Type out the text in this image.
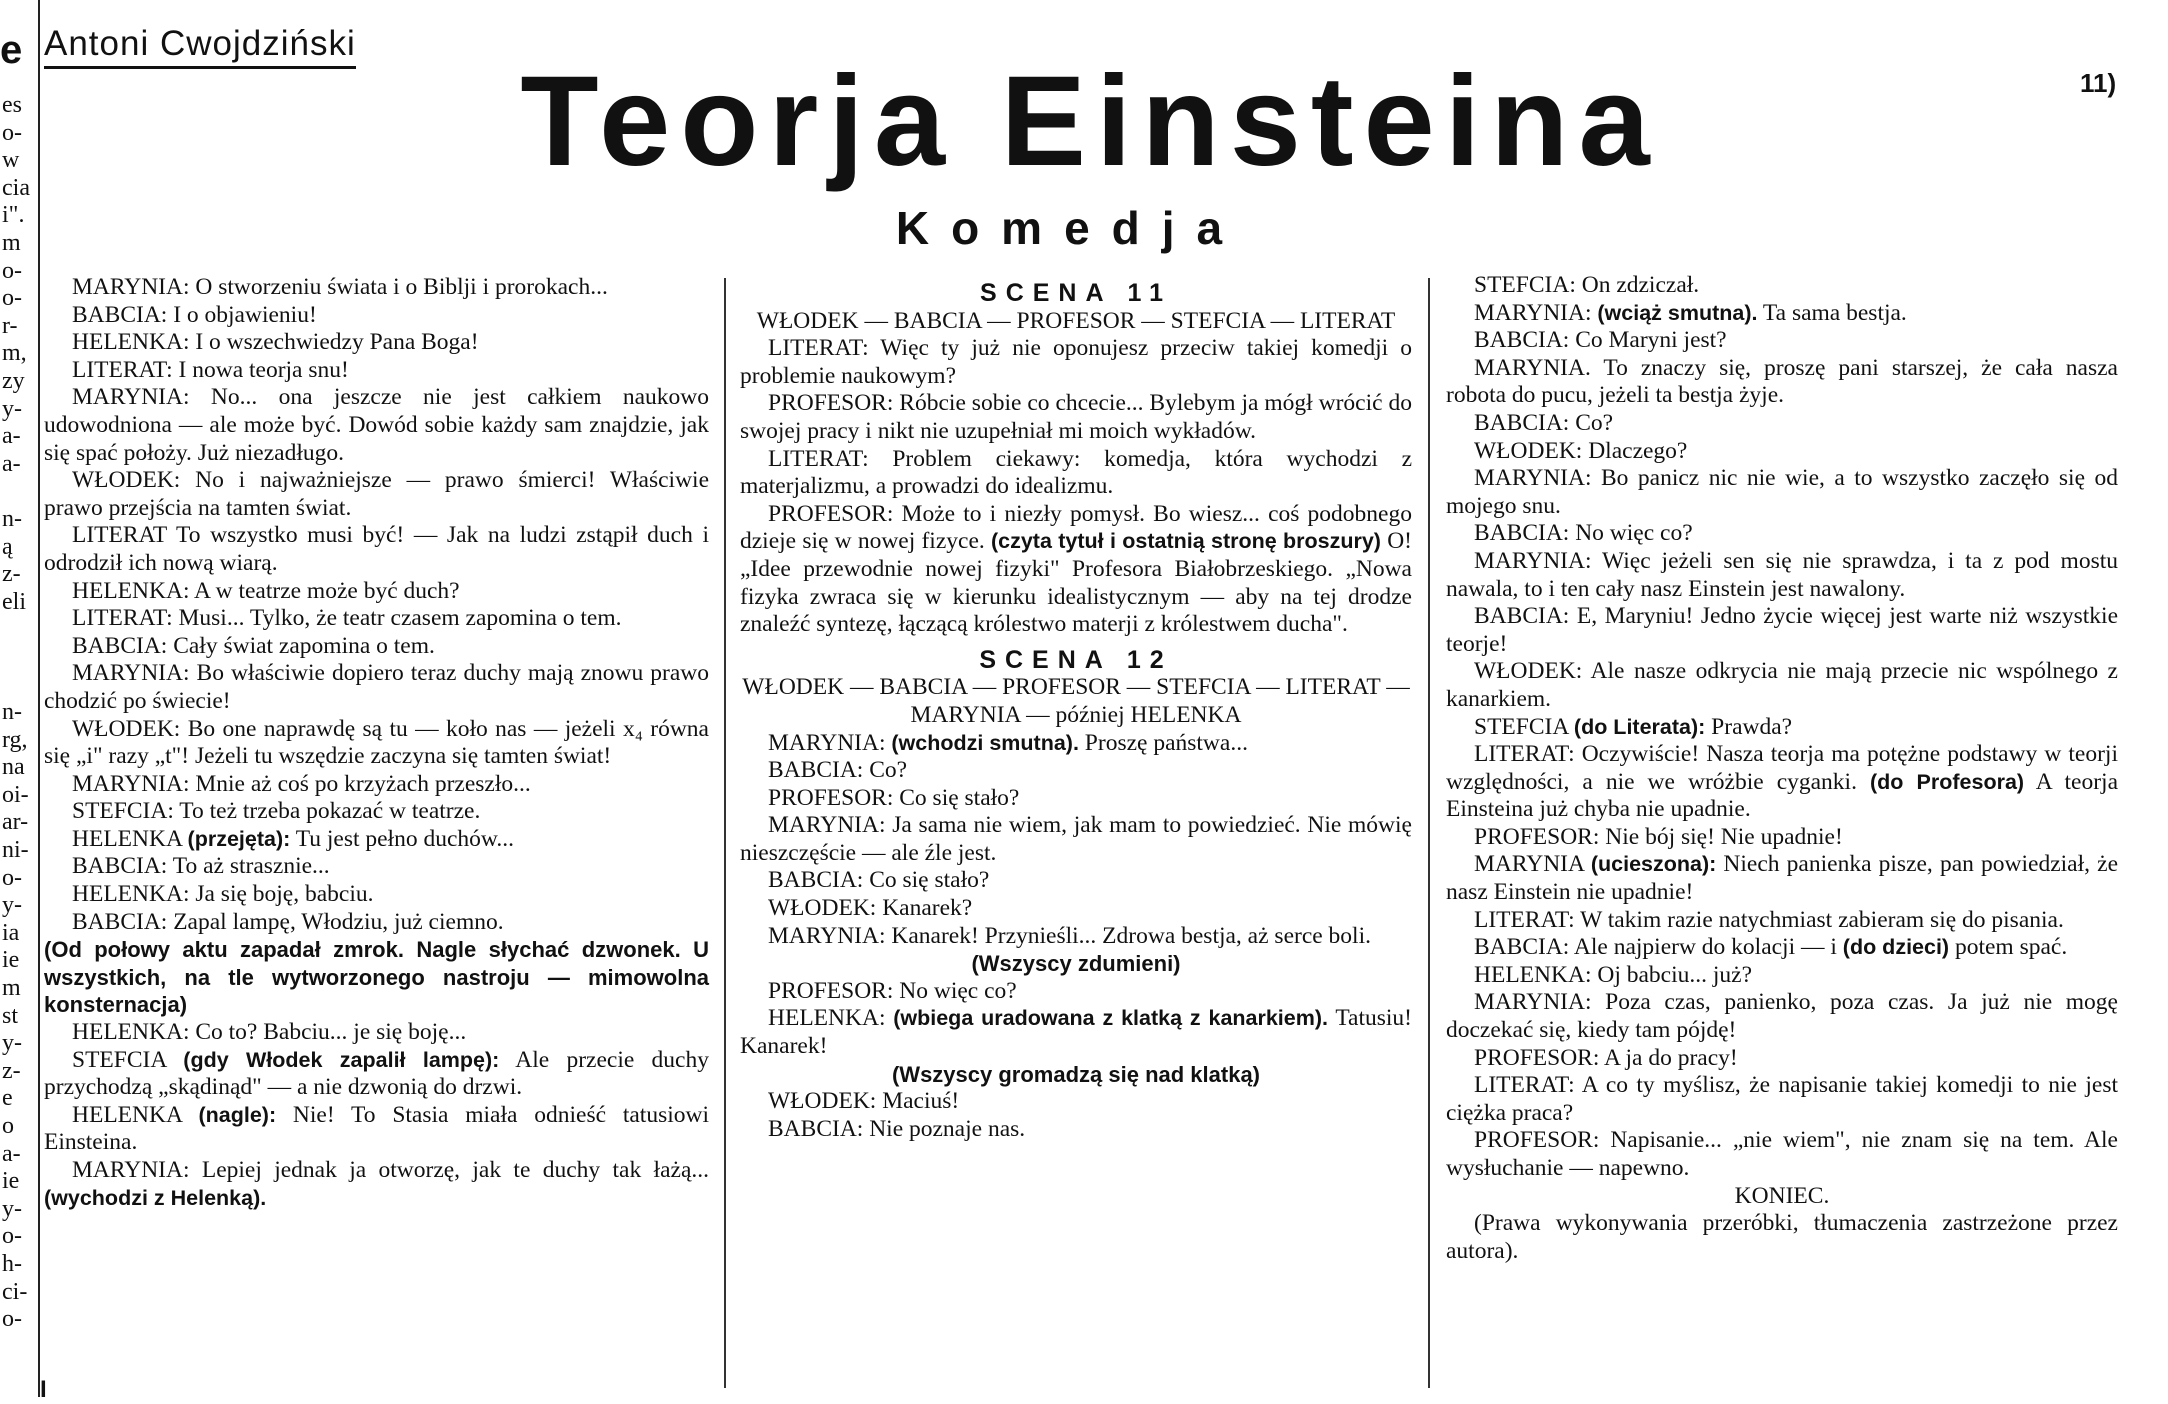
e
es
o-
w
cia
i".
m
o-
o-
r-
m,
zy
y-
a-
a-

n-
ą
z-
eli

n-
rg,
na
oi-
ar-
ni-
o-
y-
ia
ie
m
st
y-
z-
e
o
a-
ie
y-
o-
h-
ci-
o-
Antoni Cwojdziński
11)
Teorja Einsteina
Komedja

MARYNIA: O stworzeniu świata i o Biblji i prorokach...

BABCIA: I o objawieniu!

HELENKA: I o wszechwiedzy Pana Boga!

LITERAT: I nowa teorja snu!

MARYNIA: No... ona jeszcze nie jest całkiem naukowo udowodniona — ale może być. Dowód sobie każdy sam znajdzie, jak się spać położy. Już niezadługo.

WŁODEK: No i najważniejsze — prawo śmierci! Właściwie prawo przejścia na tamten świat.

LITERAT To wszystko musi być! — Jak na ludzi zstąpił duch i odrodził ich nową wiarą.

HELENKA: A w teatrze może być duch?

LITERAT: Musi... Tylko, że teatr czasem zapomina o tem.

BABCIA: Cały świat zapomina o tem.

MARYNIA: Bo właściwie dopiero teraz duchy mają znowu prawo chodzić po świecie!

WŁODEK: Bo one naprawdę są tu — koło nas — jeżeli x₄ równa się „i" razy „t"! Jeżeli tu wszędzie zaczyna się tamten świat!

MARYNIA: Mnie aż coś po krzyżach przeszło...

STEFCIA: To też trzeba pokazać w teatrze.

HELENKA (przejęta): Tu jest pełno duchów...

BABCIA: To aż strasznie...

HELENKA: Ja się boję, babciu.

BABCIA: Zapal lampę, Włodziu, już ciemno.

(Od połowy aktu zapadał zmrok. Nagle słychać dzwonek. U wszystkich, na tle wytworzonego nastroju — mimowolna konsternacja)

HELENKA: Co to? Babciu... je się boję...

STEFCIA (gdy Włodek zapalił lampę): Ale przecie duchy przychodzą „skądinąd" — a nie dzwonią do drzwi.

HELENKA (nagle): Nie! To Stasia miała odnieść tatusiowi Einsteina.

MARYNIA: Lepiej jednak ja otworzę, jak te duchy tak łażą... (wychodzi z Helenką).

SCENA 11

WŁODEK — BABCIA — PROFESOR — STEFCIA — LITERAT

LITERAT: Więc ty już nie oponujesz przeciw takiej komedji o problemie naukowym?

PROFESOR: Róbcie sobie co chcecie... Bylebym ja mógł wrócić do swojej pracy i nikt nie uzupełniał mi moich wykładów.

LITERAT: Problem ciekawy: komedja, która wychodzi z materjalizmu, a prowadzi do idealizmu.

PROFESOR: Może to i niezły pomysł. Bo wiesz... coś podobnego dzieje się w nowej fizyce. (czyta tytuł i ostatnią stronę broszury) O! „Idee przewodnie nowej fizyki" Profesora Białobrzeskiego. „Nowa fizyka zwraca się w kierunku idealistycznym — aby na tej drodze znaleźć syntezę, łączącą królestwo materji z królestwem ducha".

SCENA 12

WŁODEK — BABCIA — PROFESOR — STEFCIA — LITERAT — MARYNIA — później HELENKA

MARYNIA: (wchodzi smutna). Proszę państwa...

BABCIA: Co?

PROFESOR: Co się stało?

MARYNIA: Ja sama nie wiem, jak mam to powiedzieć. Nie mówię nieszczęście — ale źle jest.

BABCIA: Co się stało?

WŁODEK: Kanarek?

MARYNIA: Kanarek! Przynieśli... Zdrowa bestja, aż serce boli.

(Wszyscy zdumieni)

PROFESOR: No więc co?

HELENKA: (wbiega uradowana z klatką z kanarkiem). Tatusiu! Kanarek!

(Wszyscy gromadzą się nad klatką)

WŁODEK: Maciuś!

BABCIA: Nie poznaje nas.

STEFCIA: On zdziczał.

MARYNIA: (wciąż smutna). Ta sama bestja.

BABCIA: Co Maryni jest?

MARYNIA. To znaczy się, proszę pani starszej, że cała nasza robota do pucu, jeżeli ta bestja żyje.

BABCIA: Co?

WŁODEK: Dlaczego?

MARYNIA: Bo panicz nic nie wie, a to wszystko zaczęło się od mojego snu.

BABCIA: No więc co?

MARYNIA: Więc jeżeli sen się nie sprawdza, i ta z pod mostu nawala, to i ten cały nasz Einstein jest nawalony.

BABCIA: E, Maryniu! Jedno życie więcej jest warte niż wszystkie teorje!

WŁODEK: Ale nasze odkrycia nie mają przecie nic wspólnego z kanarkiem.

STEFCIA (do Literata): Prawda?

LITERAT: Oczywiście! Nasza teorja ma potężne podstawy w teorji względności, a nie we wróżbie cyganki. (do Profesora) A teorja Einsteina już chyba nie upadnie.

PROFESOR: Nie bój się! Nie upadnie!

MARYNIA (ucieszona): Niech panienka pisze, pan powiedział, że nasz Einstein nie upadnie!

LITERAT: W takim razie natychmiast zabieram się do pisania.

BABCIA: Ale najpierw do kolacji — i (do dzieci) potem spać.

HELENKA: Oj babciu... już?

MARYNIA: Poza czas, panienko, poza czas. Ja już nie mogę doczekać się, kiedy tam pójdę!

PROFESOR: A ja do pracy!

LITERAT: A co ty myślisz, że napisanie takiej komedji to nie jest ciężka praca?

PROFESOR: Napisanie... „nie wiem", nie znam się na tem. Ale wysłuchanie — napewno.

KONIEC.

(Prawa wykonywania przeróbki, tłumaczenia zastrzeżone przez autora).

I
